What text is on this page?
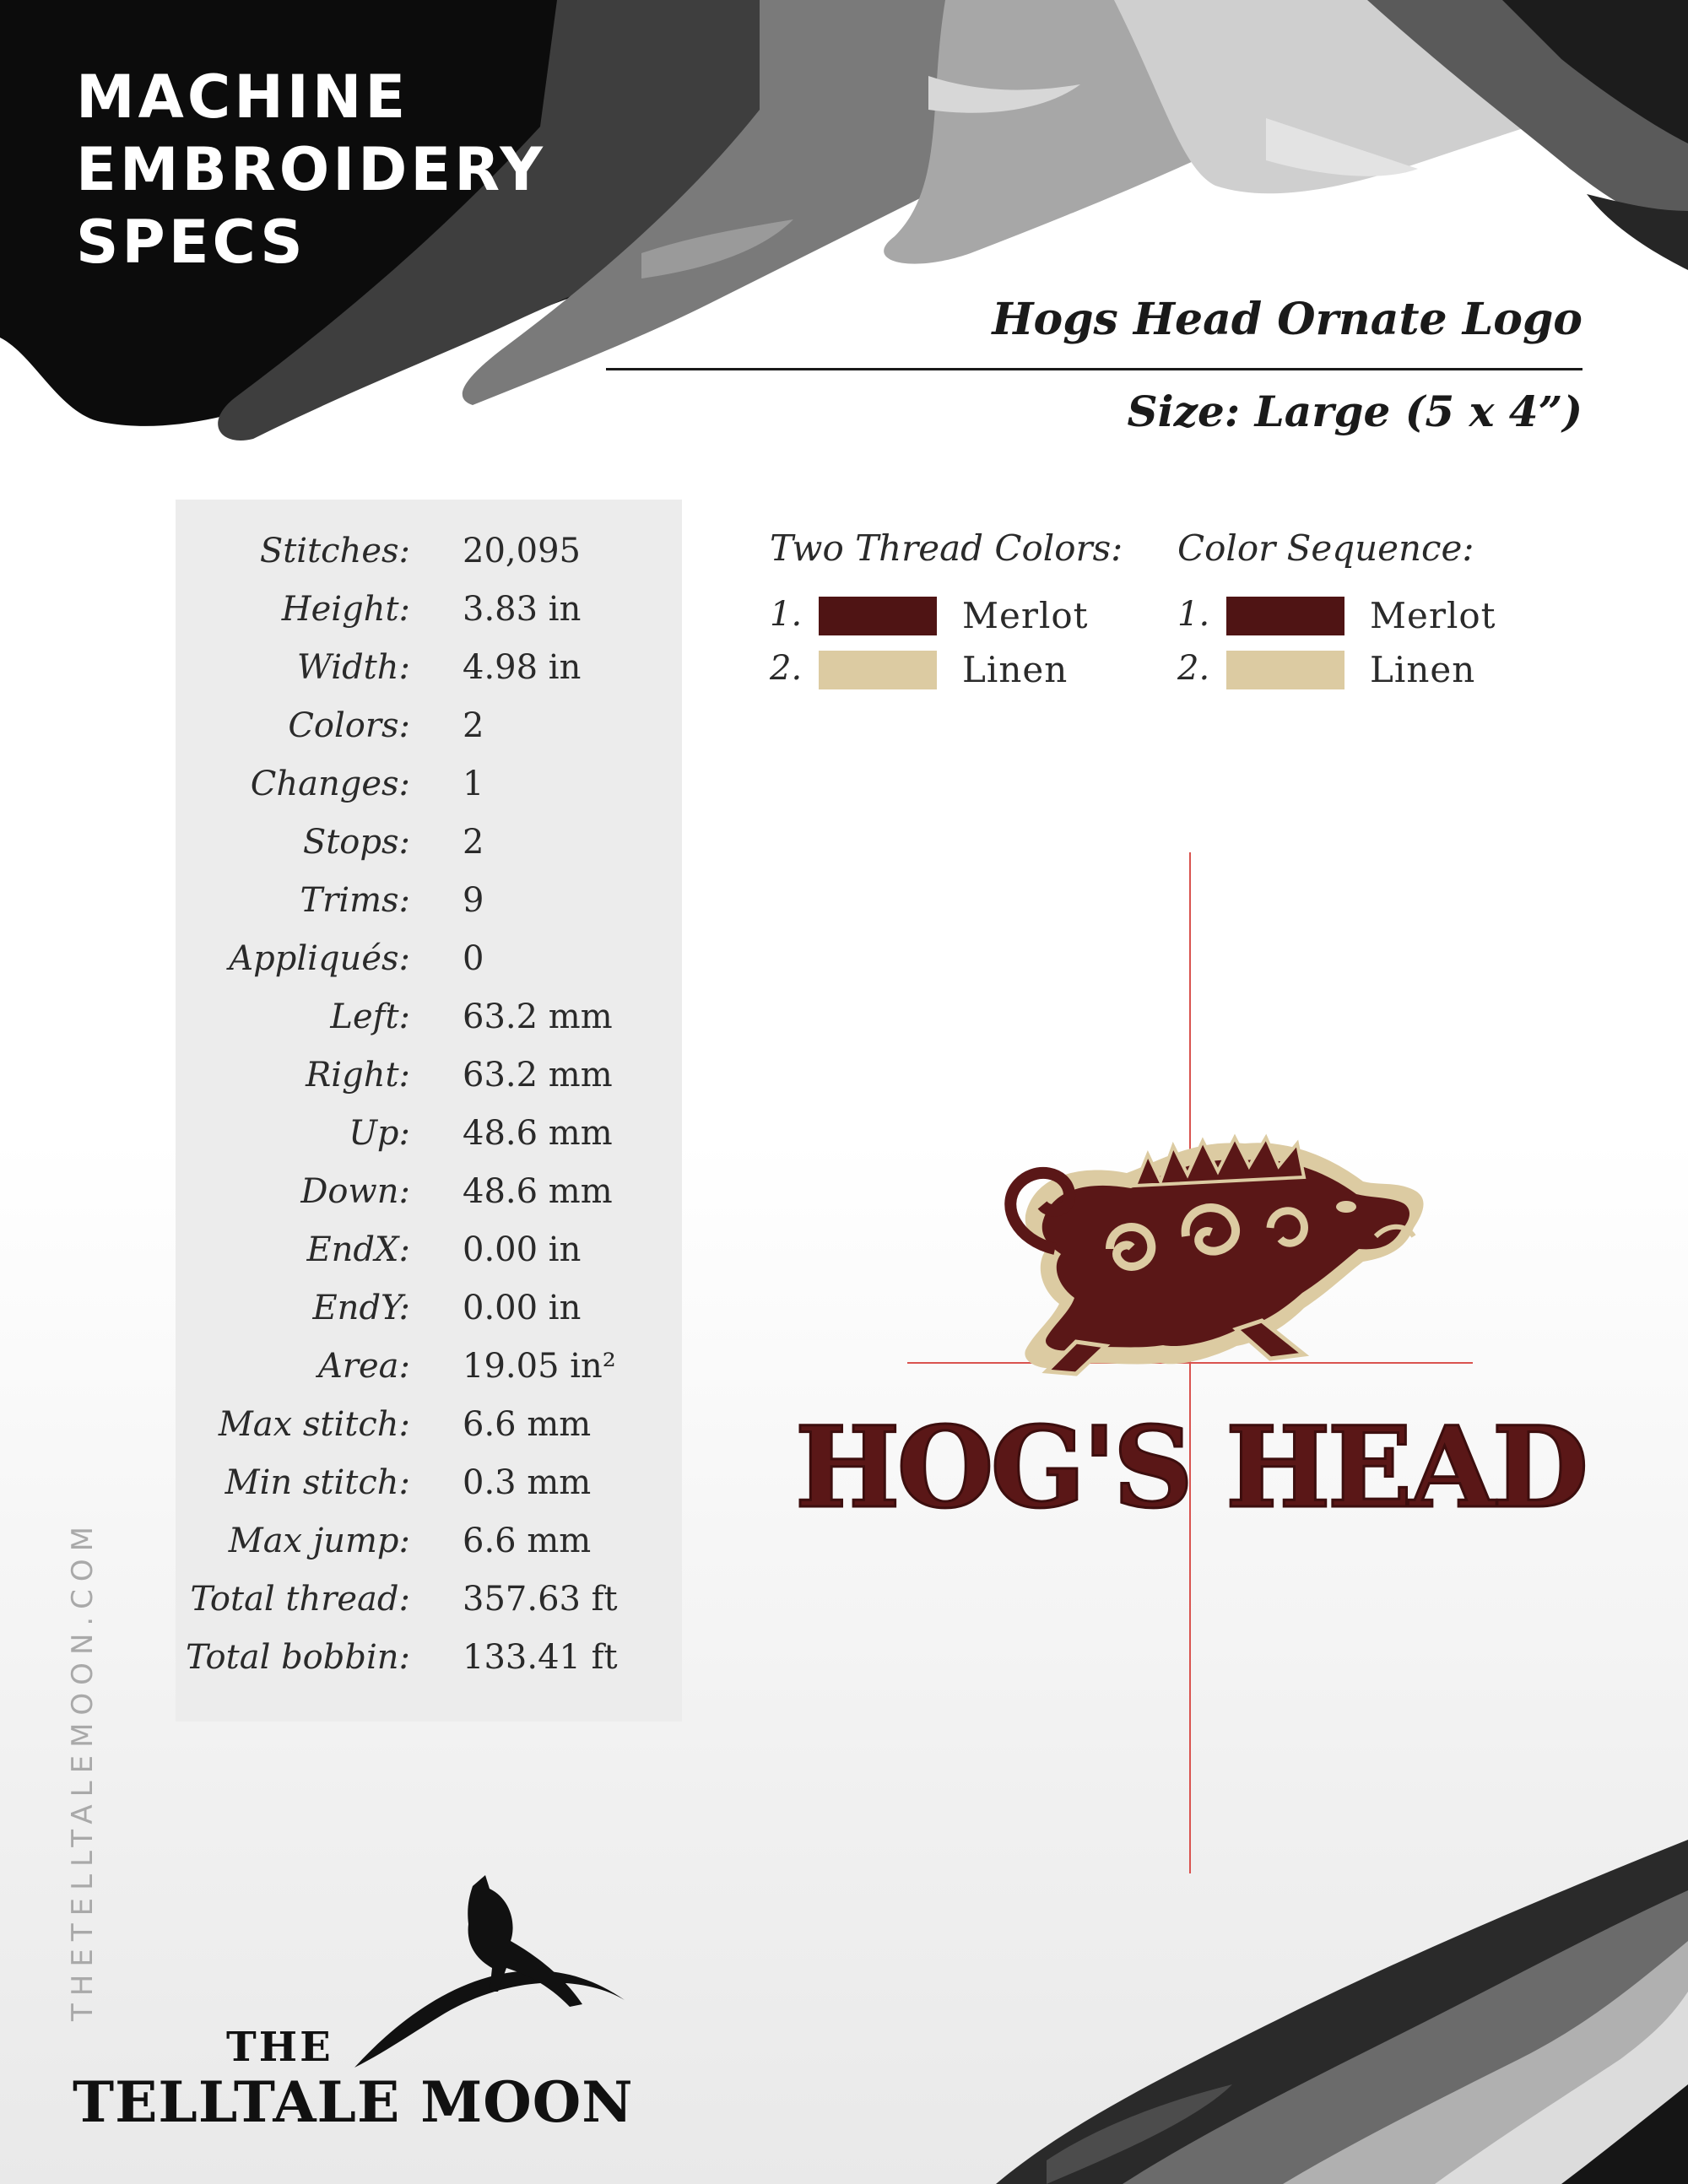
MACHINE
EMBROIDERY
SPECS
Hogs Head Ornate Logo
Size: Large (5 x 4”)
Stitches: 20,095
Height: 3.83 in
Width: 4.98 in
Colors: 2
Changes: 1
Stops: 2
Trims: 9
Appliqués: 0
Left: 63.2 mm
Right: 63.2 mm
Up: 48.6 mm
Down: 48.6 mm
EndX: 0.00 in
EndY: 0.00 in
Area: 19.05 in²
Max stitch: 6.6 mm
Min stitch: 0.3 mm
Max jump: 6.6 mm
Total thread: 357.63 ft
Total bobbin: 133.41 ft

Two Thread Colors:

1.	Merlot
2.	Linen

Color Sequence:

1.	Merlot
2.	Linen
HOG'S HEAD
THETELLTALEMOON.COM
THE
TELLTALE MOON
